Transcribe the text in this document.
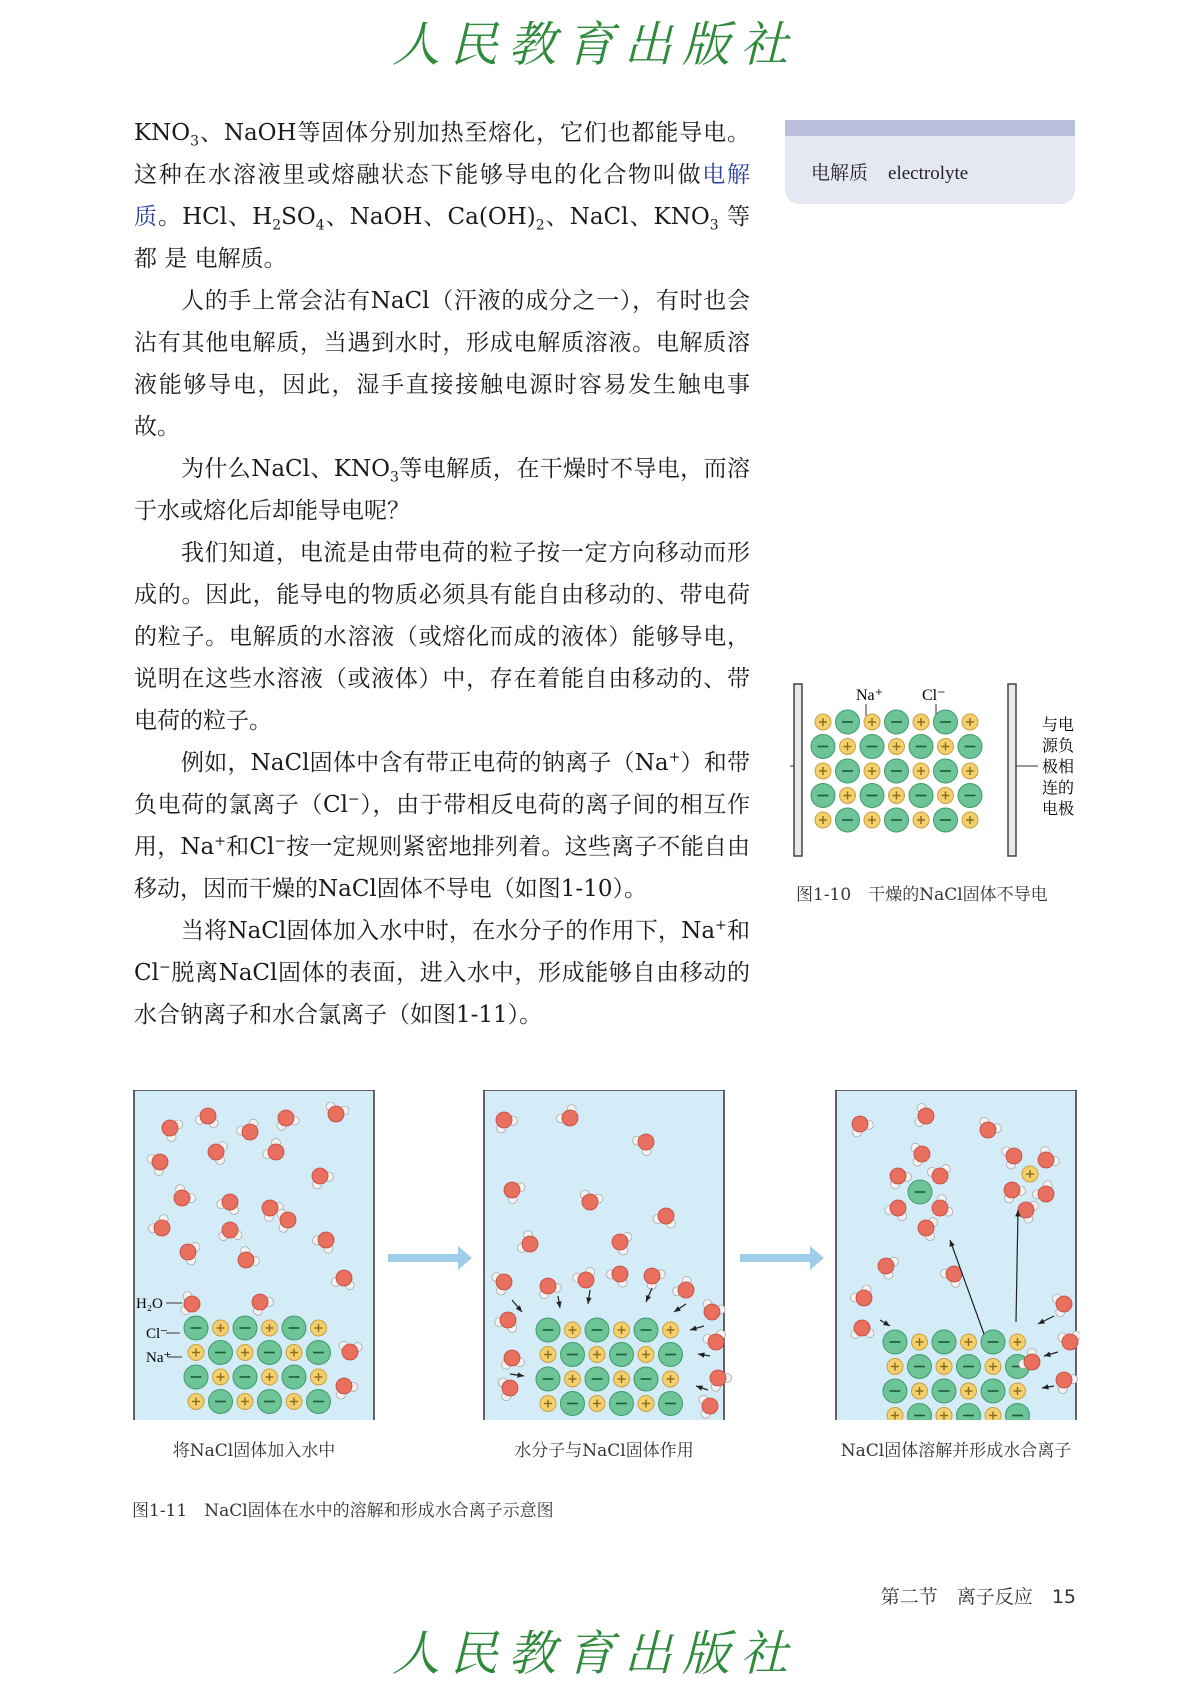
人民教育出版社

$KNO_3$、NaOH等固体分别加热至熔化，它们也都能导电。这种在水溶液里或熔融状态下能够导电的化合物叫做电解质。HCl、$H_2SO_4$、NaOH、$Ca(OH)_2$、NaCl、$KNO_3$ 等 都 是 电解质。

人的手上常会沾有NaCl（汗液的成分之一），有时也会沾有其他电解质，当遇到水时，形成电解质溶液。电解质溶液能够导电，因此，湿手直接接触电源时容易发生触电事故。

为什么NaCl、$KNO_3$等电解质，在干燥时不导电，而溶于水或熔化后却能导电呢？

我们知道，电流是由带电荷的粒子按一定方向移动而形成的。因此，能导电的物质必须具有能自由移动的、带电荷的粒子。电解质的水溶液（或熔化而成的液体）能够导电，说明在这些水溶液（或液体）中，存在着能自由移动的、带电荷的粒子。

例如，NaCl固体中含有带正电荷的钠离子（Na+）和带负电荷的氯离子（Cl−），由于带相反电荷的离子间的相互作用，Na+和Cl−按一定规则紧密地排列着。这些离子不能自由移动，因而干燥的NaCl固体不导电（如图1-10）。

当将NaCl固体加入水中时，在水分子的作用下，Na+和Cl−脱离NaCl固体的表面，进入水中，形成能够自由移动的水合钠离子和水合氯离子（如图1-11）。

电解质 electrolyte
Na⁺ Cl⁻
与电源负极相连的电极
图1-10　干燥的NaCl固体不导电
H₂O
Cl⁻
Na⁺
将NaCl固体加入水中	水分子与NaCl固体作用	NaCl固体溶解并形成水合离子
图1-11　NaCl固体在水中的溶解和形成水合离子示意图
第二节　离子反应　 15
人民教育出版社
